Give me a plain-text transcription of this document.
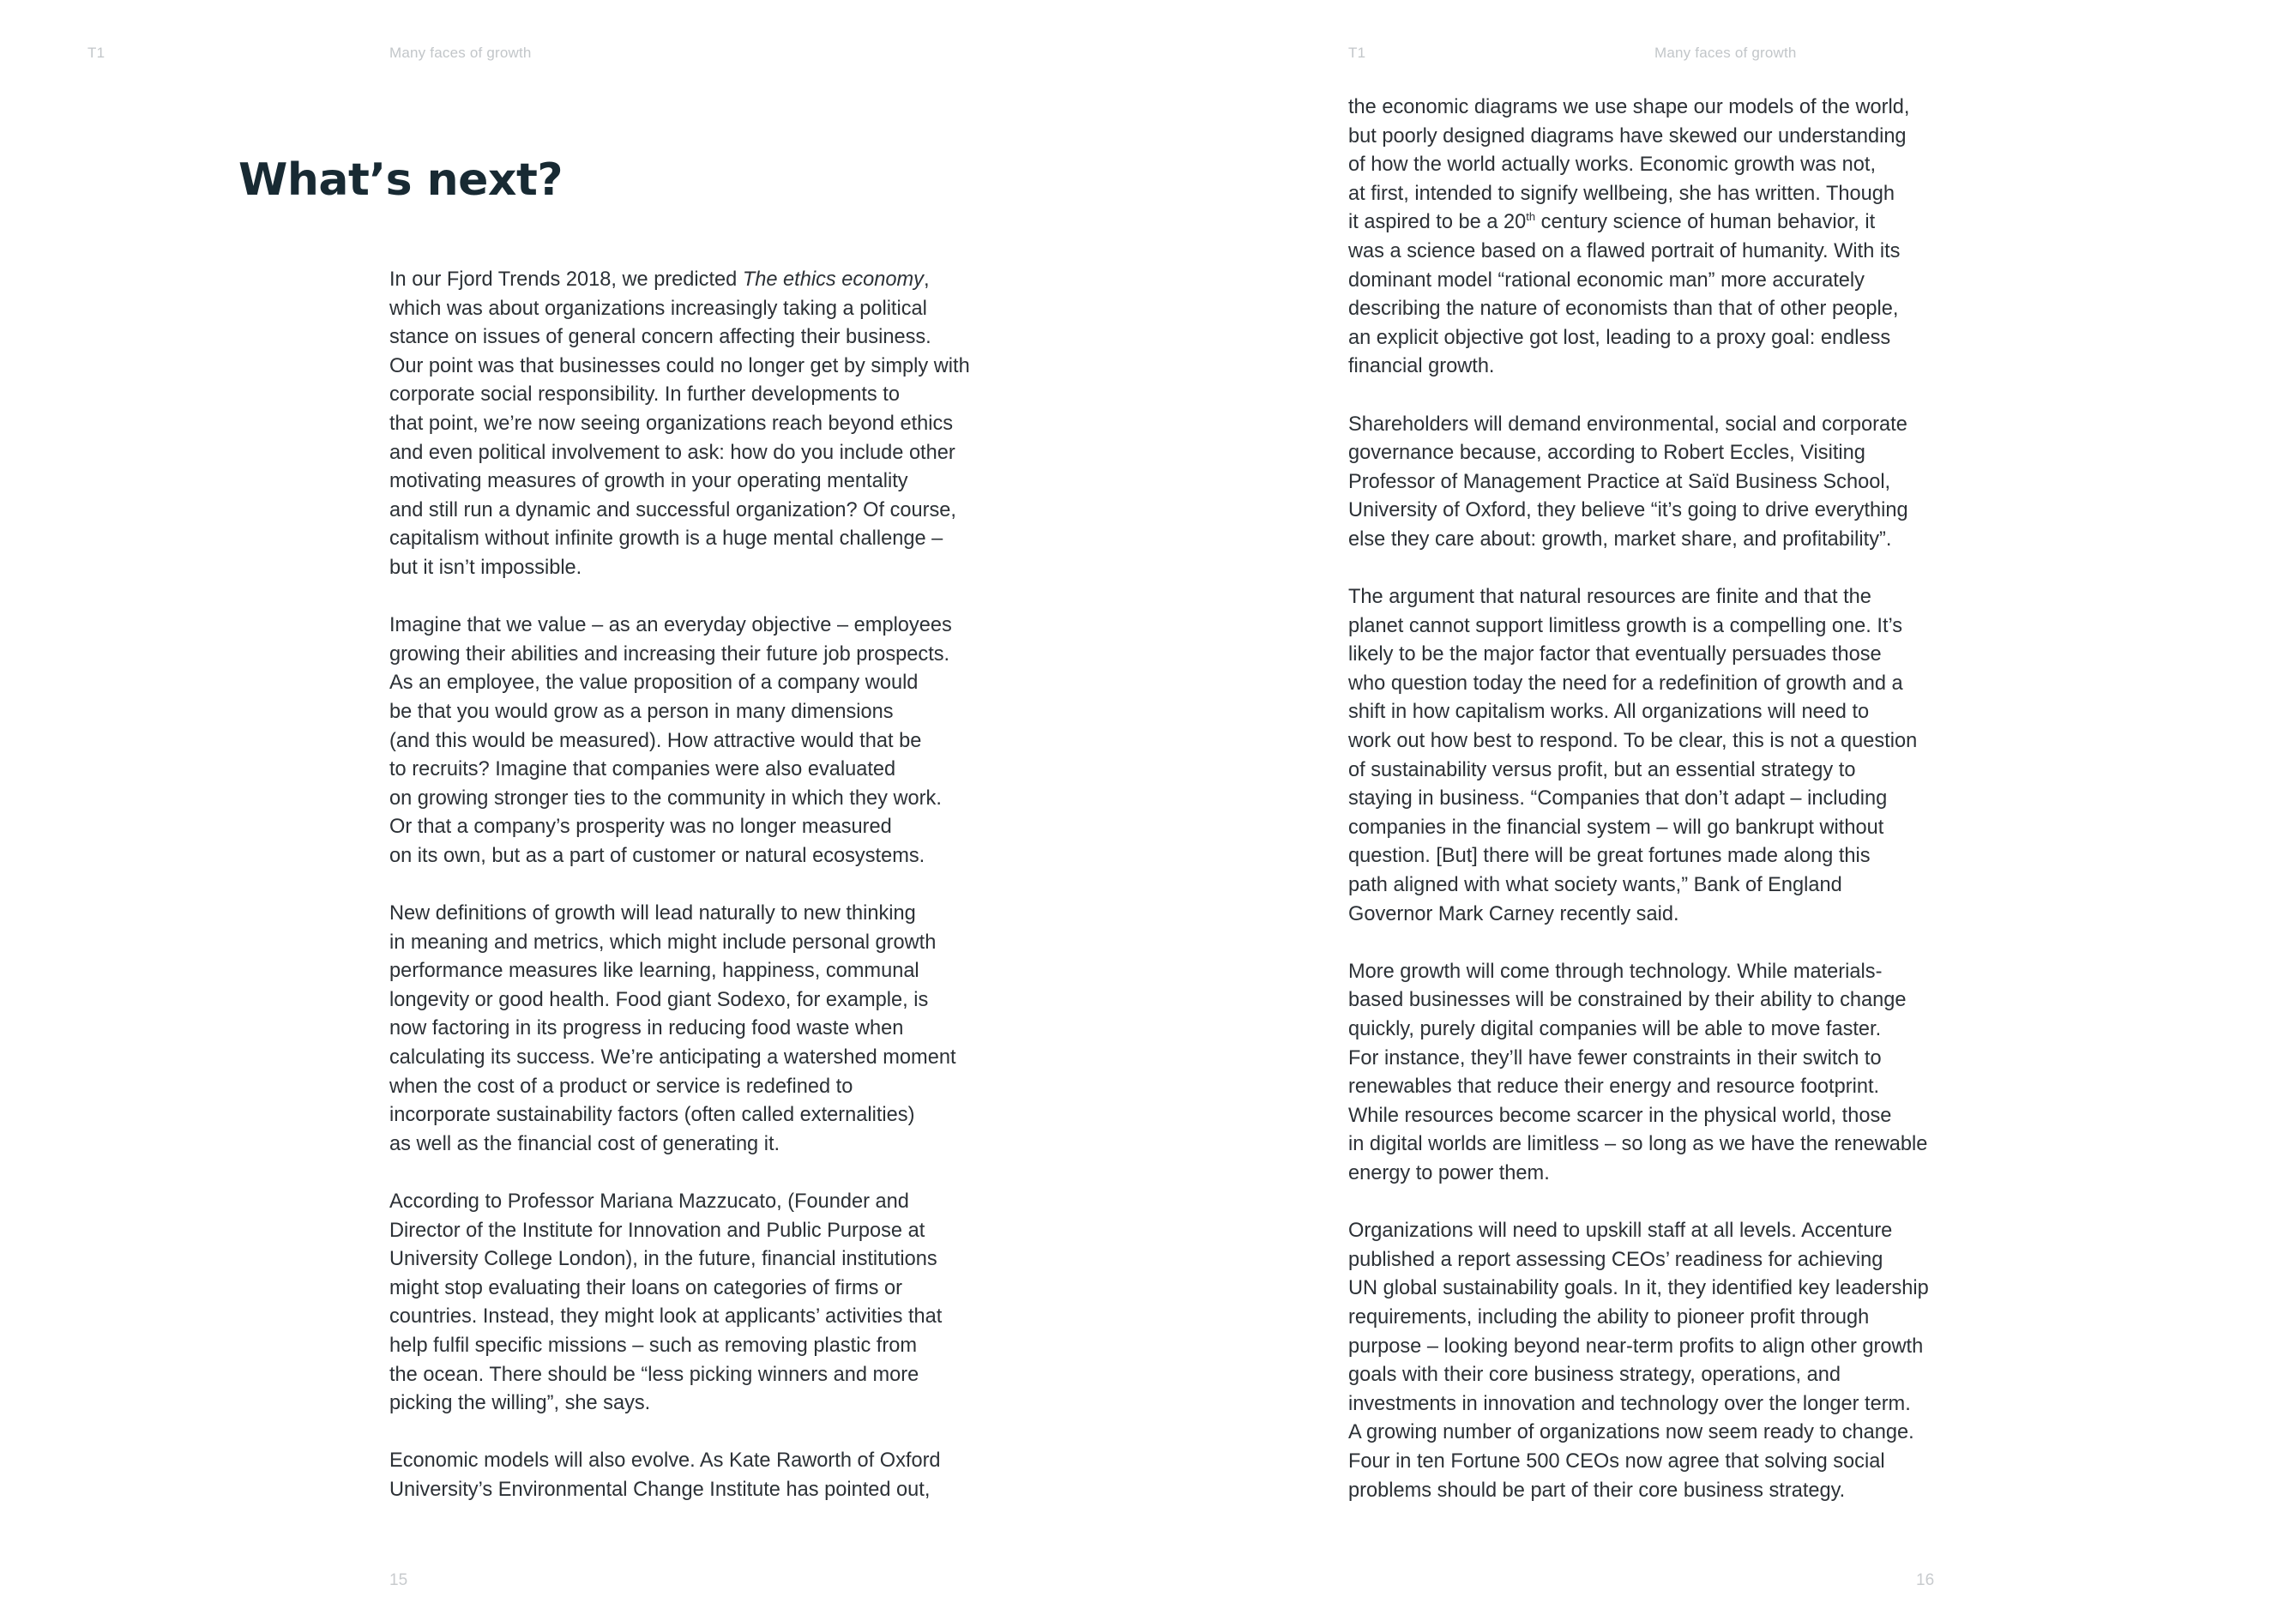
T1	Many faces of growth
What’s next?

In our Fjord Trends 2018, we predicted The ethics economy,
which was about organizations increasingly taking a political
stance on issues of general concern affecting their business.
Our point was that businesses could no longer get by simply with
corporate social responsibility. In further developments to
that point, we’re now seeing organizations reach beyond ethics
and even political involvement to ask: how do you include other
motivating measures of growth in your operating mentality
and still run a dynamic and successful organization? Of course,
capitalism without infinite growth is a huge mental challenge –
but it isn’t impossible.

Imagine that we value – as an everyday objective – employees
growing their abilities and increasing their future job prospects.
As an employee, the value proposition of a company would
be that you would grow as a person in many dimensions
(and this would be measured). How attractive would that be
to recruits? Imagine that companies were also evaluated
on growing stronger ties to the community in which they work.
Or that a company’s prosperity was no longer measured
on its own, but as a part of customer or natural ecosystems.

New definitions of growth will lead naturally to new thinking
in meaning and metrics, which might include personal growth
performance measures like learning, happiness, communal
longevity or good health. Food giant Sodexo, for example, is
now factoring in its progress in reducing food waste when
calculating its success. We’re anticipating a watershed moment
when the cost of a product or service is redefined to
incorporate sustainability factors (often called externalities)
as well as the financial cost of generating it.

According to Professor Mariana Mazzucato, (Founder and
Director of the Institute for Innovation and Public Purpose at
University College London), in the future, financial institutions
might stop evaluating their loans on categories of firms or
countries. Instead, they might look at applicants’ activities that
help fulfil specific missions – such as removing plastic from
the ocean. There should be “less picking winners and more
picking the willing”, she says.

Economic models will also evolve. As Kate Raworth of Oxford
University’s Environmental Change Institute has pointed out,

15
T1	Many faces of growth

the economic diagrams we use shape our models of the world,
but poorly designed diagrams have skewed our understanding
of how the world actually works. Economic growth was not,
at first, intended to signify wellbeing, she has written. Though
it aspired to be a 20th century science of human behavior, it
was a science based on a flawed portrait of humanity. With its
dominant model “rational economic man” more accurately
describing the nature of economists than that of other people,
an explicit objective got lost, leading to a proxy goal: endless
financial growth.

Shareholders will demand environmental, social and corporate
governance because, according to Robert Eccles, Visiting
Professor of Management Practice at Saïd Business School,
University of Oxford, they believe “it’s going to drive everything
else they care about: growth, market share, and profitability”.

The argument that natural resources are finite and that the
planet cannot support limitless growth is a compelling one. It’s
likely to be the major factor that eventually persuades those
who question today the need for a redefinition of growth and a
shift in how capitalism works. All organizations will need to
work out how best to respond. To be clear, this is not a question
of sustainability versus profit, but an essential strategy to
staying in business. “Companies that don’t adapt – including
companies in the financial system – will go bankrupt without
question. [But] there will be great fortunes made along this
path aligned with what society wants,” Bank of England
Governor Mark Carney recently said.

More growth will come through technology. While materials-
based businesses will be constrained by their ability to change
quickly, purely digital companies will be able to move faster.
For instance, they’ll have fewer constraints in their switch to
renewables that reduce their energy and resource footprint.
While resources become scarcer in the physical world, those
in digital worlds are limitless – so long as we have the renewable
energy to power them.

Organizations will need to upskill staff at all levels. Accenture
published a report assessing CEOs’ readiness for achieving
UN global sustainability goals. In it, they identified key leadership
requirements, including the ability to pioneer profit through
purpose – looking beyond near-term profits to align other growth
goals with their core business strategy, operations, and
investments in innovation and technology over the longer term.
A growing number of organizations now seem ready to change.
Four in ten Fortune 500 CEOs now agree that solving social
problems should be part of their core business strategy.

16
